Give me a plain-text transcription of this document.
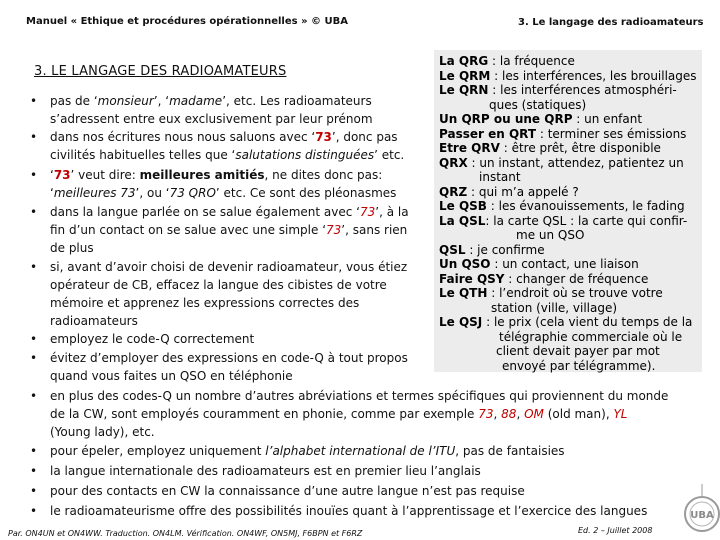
Manuel « Ethique et procédures opérationnelles » © UBA	3. Le langage des radioamateurs
La QRG : la fréquence
Le QRM : les interférences, les brouillages
Le QRN : les interférences atmosphéri-
ques (statiques)
Un QRP ou une QRP : un enfant
Passer en QRT : terminer ses émissions
Etre QRV : être prêt, être disponible
QRX : un instant, attendez, patientez un
instant
QRZ : qui m’a appelé ?
Le QSB : les évanouissements, le fading
La QSL: la carte QSL : la carte qui confir-
me un QSO
QSL : je confirme
Un QSO : un contact, une liaison
Faire QSY : changer de fréquence
Le QTH : l’endroit où se trouve votre
station (ville, village)
Le QSJ : le prix (cela vient du temps de la
télégraphie commerciale où le
client devait payer par mot
envoyé par télégramme).
3. LE LANGAGE DES RADIOAMATEURS
•	pas de ‘monsieur’, ‘madame’, etc. Les radioamateurs s’adressent entre eux exclusivement par leur prénom
•	dans nos écritures nous nous saluons avec ‘73’, donc pas civilités habituelles telles que ‘salutations distinguées’ etc.
•	‘73’ veut dire: meilleures amitiés, ne dites donc pas: ‘meilleures 73’, ou ‘73 QRO’ etc. Ce sont des pléonasmes
•	dans la langue parlée on se salue également avec ‘73’, à la fin d’un contact on se salue avec une simple ‘73’, sans rien de plus
•	si, avant d’avoir choisi de devenir radioamateur, vous étiez opérateur de CB, effacez la langue des cibistes de votre mémoire et apprenez les expressions correctes des radioamateurs
•	employez le code-Q correctement
•	évitez d’employer des expressions en code-Q à tout propos quand vous faites un QSO en téléphonie
•	en plus des codes-Q un nombre d’autres abréviations et termes spécifiques qui proviennent du monde de la CW, sont employés couramment en phonie, comme par exemple 73, 88, OM (old man), YL (Young lady), etc.
•	pour épeler, employez uniquement l’alphabet international de l’ITU, pas de fantaisies
•	la langue internationale des radioamateurs est en premier lieu l’anglais
•	pour des contacts en CW la connaissance d’une autre langue n’est pas requise
•	le radioamateurisme offre des possibilités inouïes quant à l’apprentissage et l’exercice des langues
Par. ON4UN et ON4WW. Traduction. ON4LM. Vérification. ON4WF, ON5MJ, F6BPN et F6RZ	Ed. 2 – Juillet 2008
UBA
